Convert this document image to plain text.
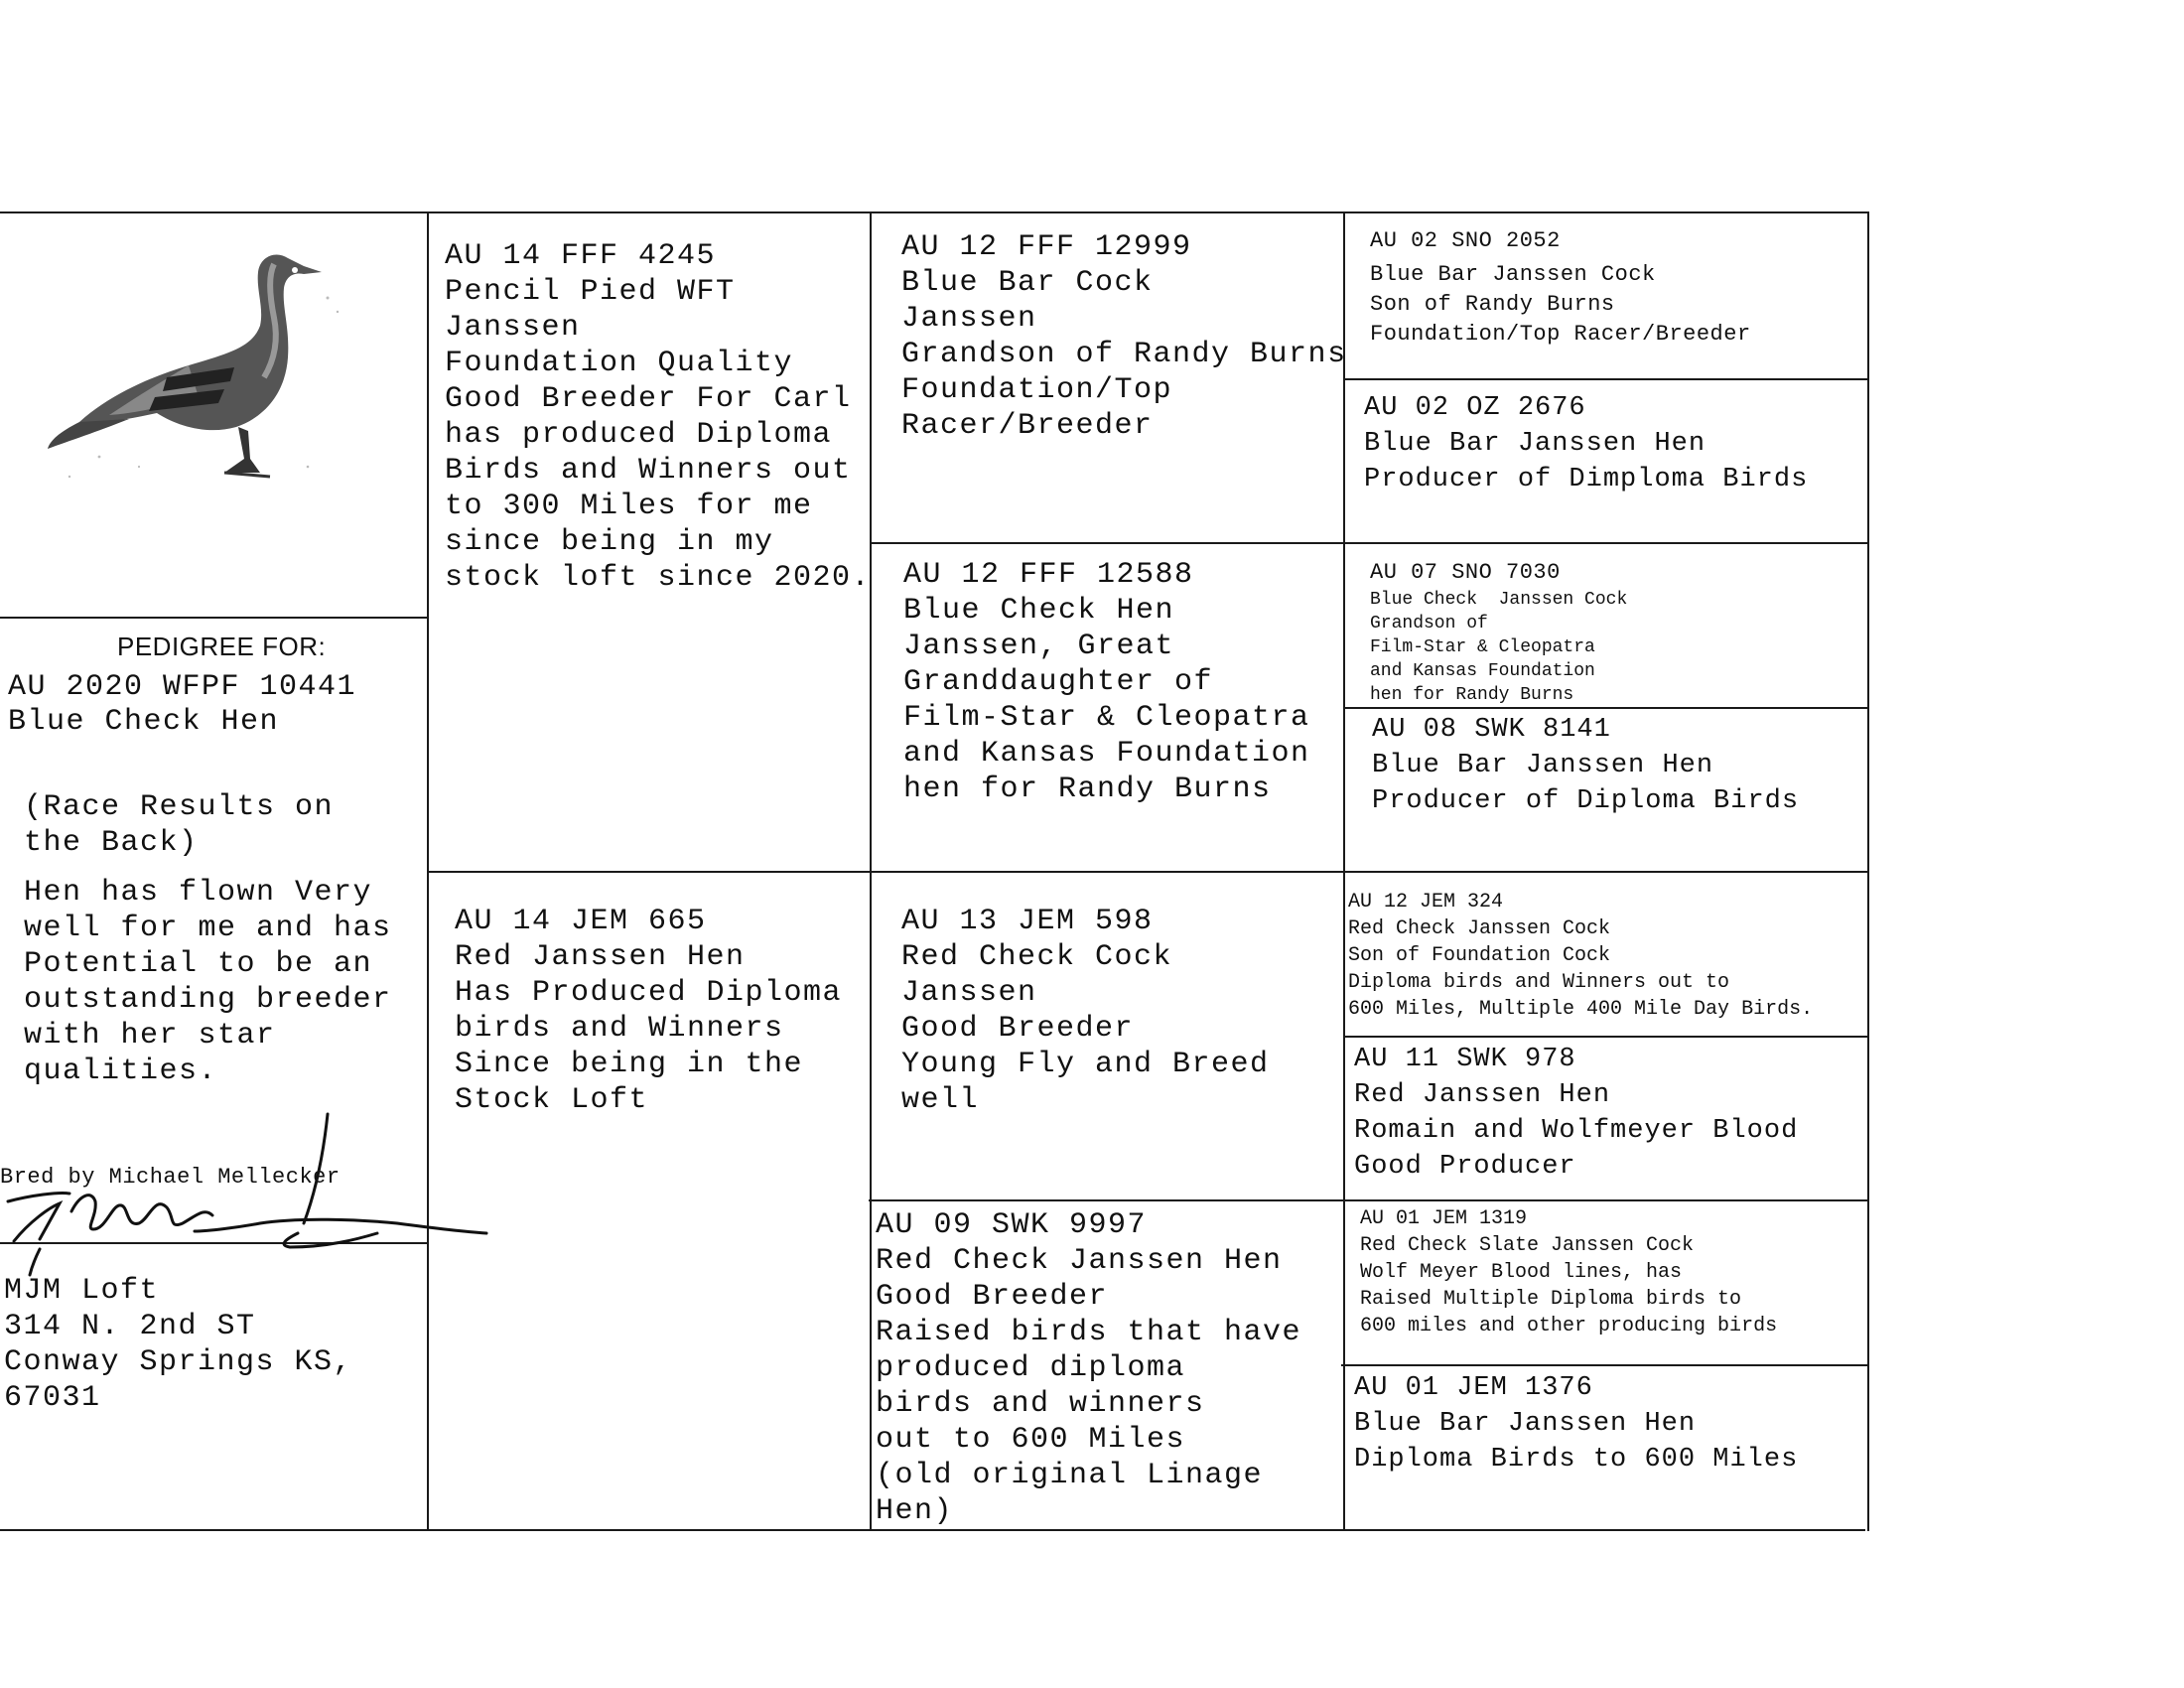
PEDIGREE FOR:
AU 2020 WFPF 10441
Blue Check Hen
(Race Results on
the Back)
Hen has flown Very
well for me and has
Potential to be an
outstanding breeder
with her star
qualities.
Bred by Michael Mellecker
MJM Loft
314 N. 2nd ST
Conway Springs KS,
67031
AU 14 FFF 4245
Pencil Pied WFT
Janssen
Foundation Quality
Good Breeder For Carl
has produced Diploma
Birds and Winners out
to 300 Miles for me
since being in my
stock loft since 2020.
AU 14 JEM 665
Red Janssen Hen
Has Produced Diploma
birds and Winners
Since being in the
Stock Loft
AU 12 FFF 12999
Blue Bar Cock
Janssen
Grandson of Randy Burns
Foundation/Top
Racer/Breeder
AU 12 FFF 12588
Blue Check Hen
Janssen, Great
Granddaughter of
Film-Star & Cleopatra
and Kansas Foundation
hen for Randy Burns
AU 13 JEM 598
Red Check Cock
Janssen
Good Breeder
Young Fly and Breed
well
AU 09 SWK 9997
Red Check Janssen Hen
Good Breeder
Raised birds that have
produced diploma
birds and winners
out to 600 Miles
(old original Linage
Hen)
AU 02 SNO 2052
Blue Bar Janssen Cock
Son of Randy Burns
Foundation/Top Racer/Breeder
AU 02 OZ 2676
Blue Bar Janssen Hen
Producer of Dimploma Birds
AU 07 SNO 7030
Blue Check  Janssen Cock
Grandson of
Film-Star & Cleopatra
and Kansas Foundation
hen for Randy Burns
AU 08 SWK 8141
Blue Bar Janssen Hen
Producer of Diploma Birds
AU 12 JEM 324
Red Check Janssen Cock
Son of Foundation Cock
Diploma birds and Winners out to
600 Miles, Multiple 400 Mile Day Birds.
AU 11 SWK 978
Red Janssen Hen
Romain and Wolfmeyer Blood
Good Producer
AU 01 JEM 1319
Red Check Slate Janssen Cock
Wolf Meyer Blood lines, has
Raised Multiple Diploma birds to
600 miles and other producing birds
AU 01 JEM 1376
Blue Bar Janssen Hen
Diploma Birds to 600 Miles
